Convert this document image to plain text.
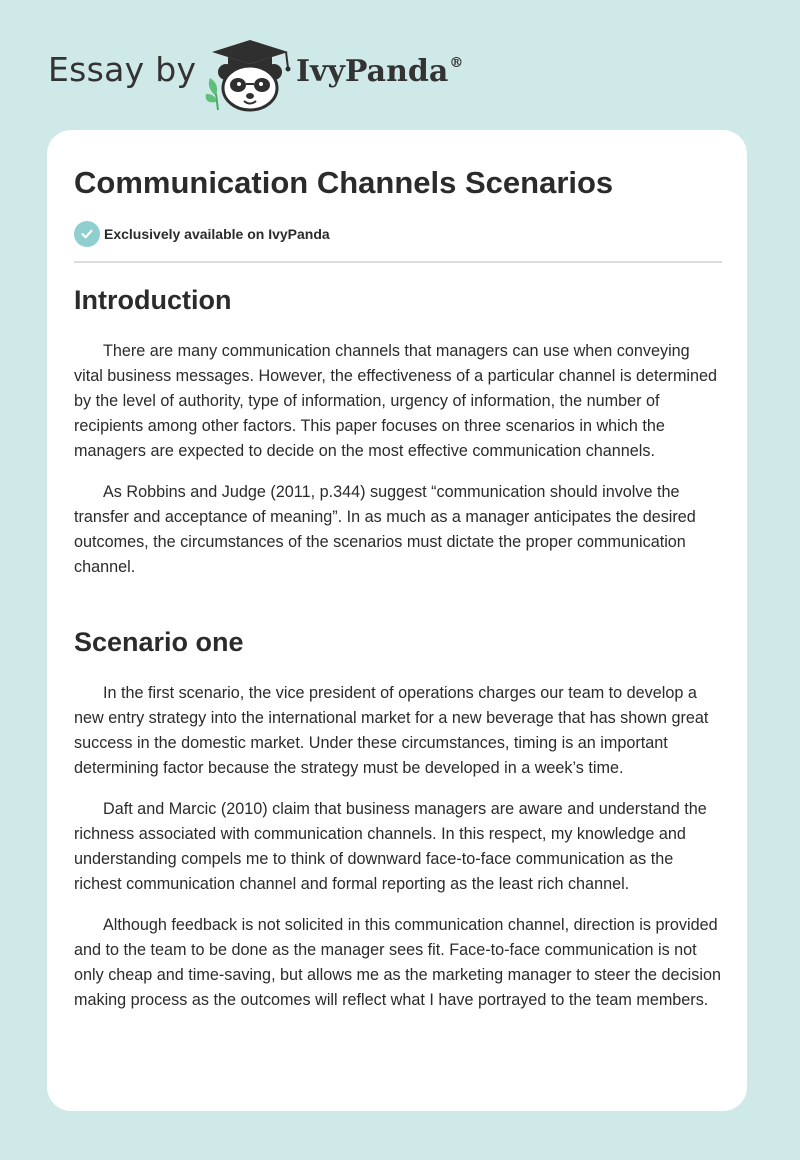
Essay by	IvyPanda®
Communication Channels Scenarios
Exclusively available on IvyPanda
Introduction

There are many communication channels that managers can use when conveying vital business messages. However, the effectiveness of a particular channel is determined by the level of authority, type of information, urgency of information, the number of recipients among other factors. This paper focuses on three scenarios in which the managers are expected to decide on the most effective communication channels.

As Robbins and Judge (2011, p.344) suggest “communication should involve the transfer and acceptance of meaning”. In as much as a manager anticipates the desired outcomes, the circumstances of the scenarios must dictate the proper communication channel.

Scenario one

In the first scenario, the vice president of operations charges our team to develop a new entry strategy into the international market for a new beverage that has shown great success in the domestic market. Under these circumstances, timing is an important determining factor because the strategy must be developed in a week’s time.

Daft and Marcic (2010) claim that business managers are aware and understand the richness associated with communication channels. In this respect, my knowledge and understanding compels me to think of downward face-to-face communication as the richest communication channel and formal reporting as the least rich channel.

Although feedback is not solicited in this communication channel, direction is provided and to the team to be done as the manager sees fit. Face-to-face communication is not only cheap and time-saving, but allows me as the marketing manager to steer the decision making process as the outcomes will reflect what I have portrayed to the team members.
